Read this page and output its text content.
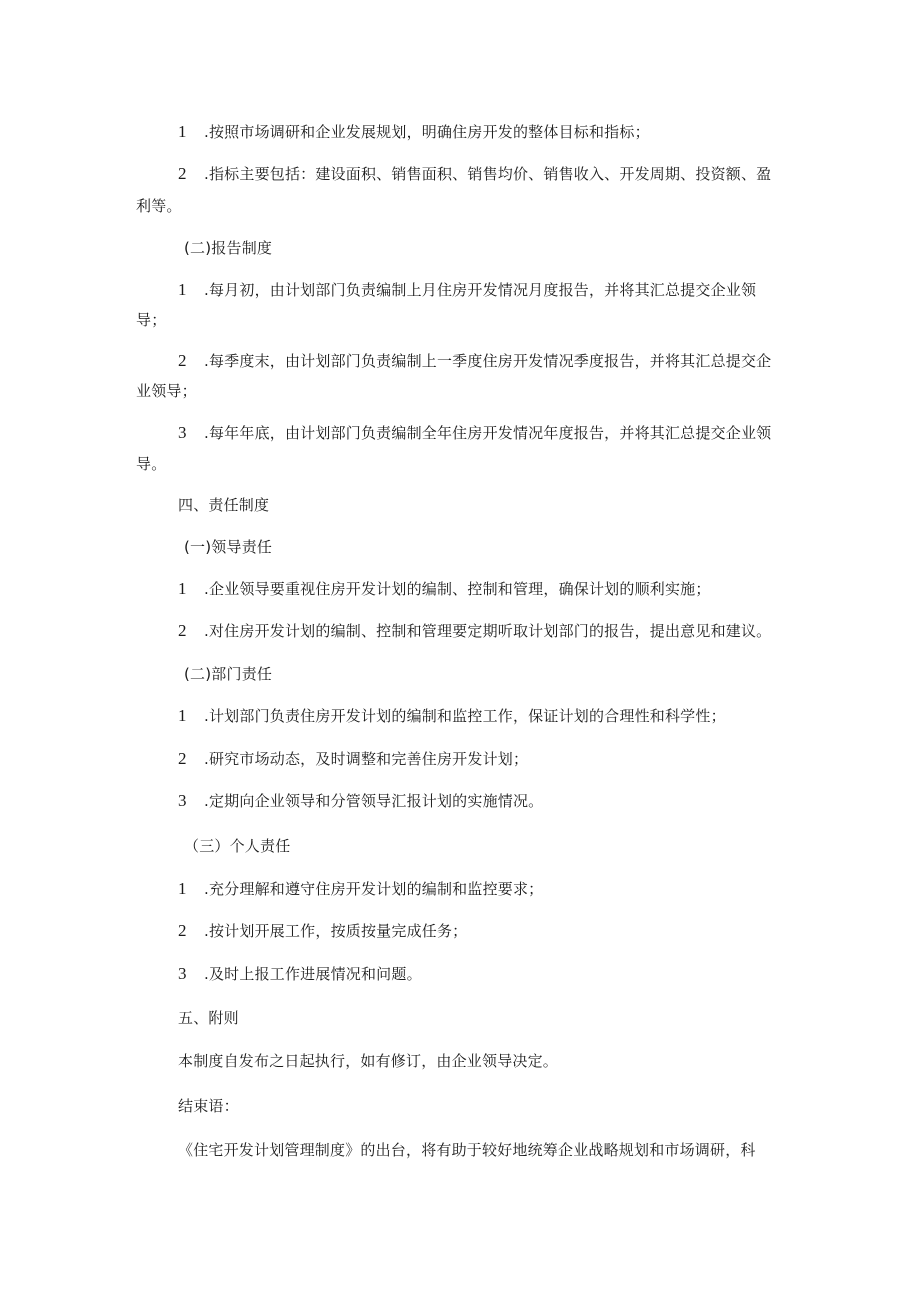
1 .按照市场调研和企业发展规划，明确住房开发的整体目标和指标；
2 .指标主要包括：建设面积、销售面积、销售均价、销售收入、开发周期、投资额、盈
利等。
(二)报告制度
1 .每月初，由计划部门负责编制上月住房开发情况月度报告，并将其汇总提交企业领
导；
2 .每季度末，由计划部门负责编制上一季度住房开发情况季度报告，并将其汇总提交企
业领导；
3 .每年年底，由计划部门负责编制全年住房开发情况年度报告，并将其汇总提交企业领
导。
四、责任制度
(一)领导责任
1 .企业领导要重视住房开发计划的编制、控制和管理，确保计划的顺利实施；
2 .对住房开发计划的编制、控制和管理要定期听取计划部门的报告，提出意见和建议。
(二)部门责任
1 .计划部门负责住房开发计划的编制和监控工作，保证计划的合理性和科学性；
2 .研究市场动态，及时调整和完善住房开发计划；
3 .定期向企业领导和分管领导汇报计划的实施情况。
（三）个人责任
1 .充分理解和遵守住房开发计划的编制和监控要求；
2 .按计划开展工作，按质按量完成任务；
3 .及时上报工作进展情况和问题。
五、附则
本制度自发布之日起执行，如有修订，由企业领导决定。
结束语：
《住宅开发计划管理制度》的出台，将有助于较好地统筹企业战略规划和市场调研，科
